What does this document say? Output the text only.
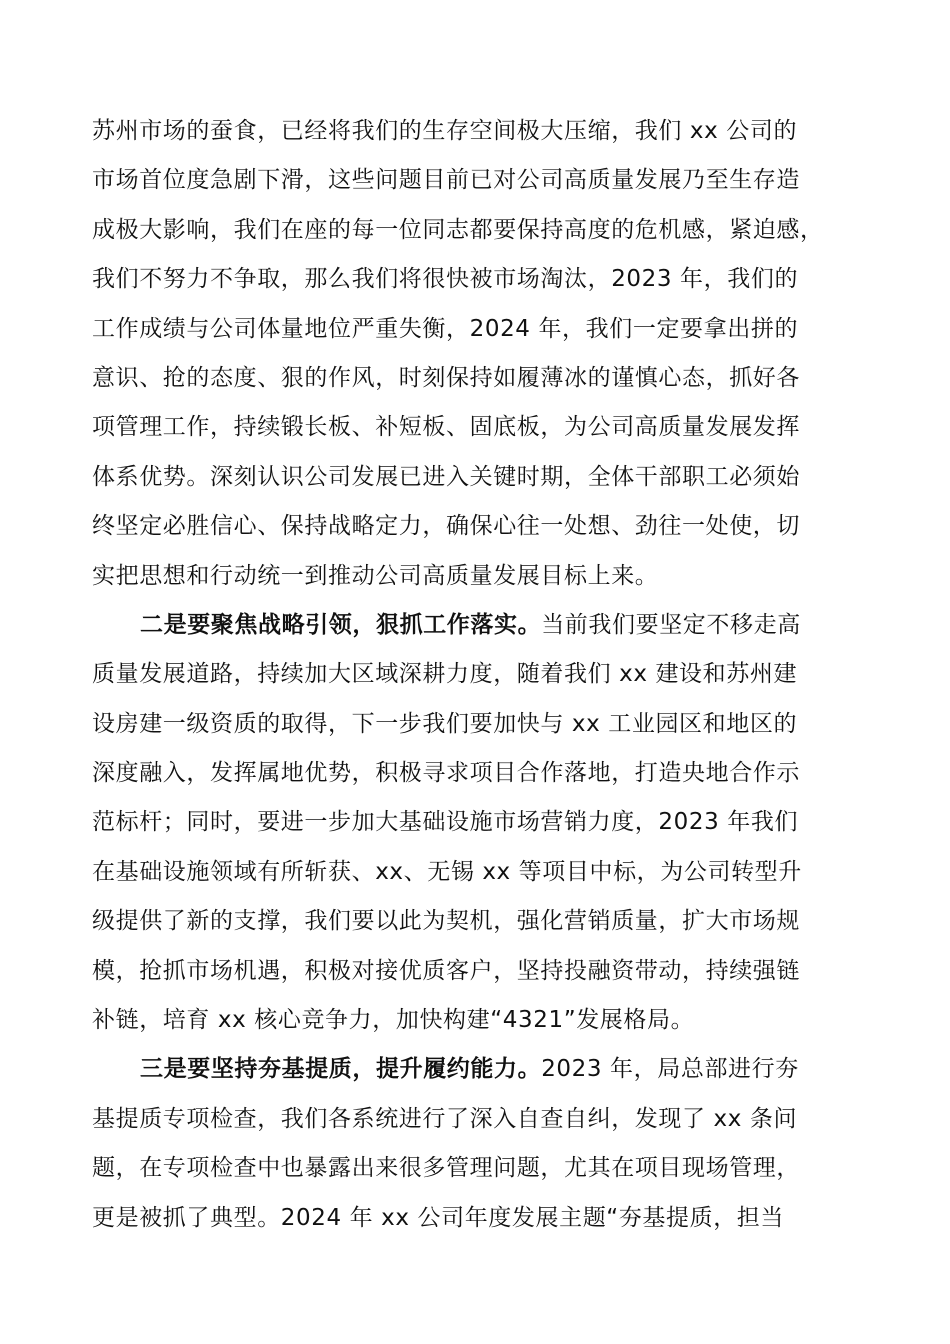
苏州市场的蚕食，已经将我们的生存空间极大压缩，我们 xx 公司的
市场首位度急剧下滑，这些问题目前已对公司高质量发展乃至生存造
成极大影响，我们在座的每一位同志都要保持高度的危机感，紧迫感，
我们不努力不争取，那么我们将很快被市场淘汰，2023 年，我们的
工作成绩与公司体量地位严重失衡，2024 年，我们一定要拿出拼的
意识、抢的态度、狠的作风，时刻保持如履薄冰的谨慎心态，抓好各
项管理工作，持续锻长板、补短板、固底板，为公司高质量发展发挥
体系优势。深刻认识公司发展已进入关键时期，全体干部职工必须始
终坚定必胜信心、保持战略定力，确保心往一处想、劲往一处使，切
实把思想和行动统一到推动公司高质量发展目标上来。
二是要聚焦战略引领，狠抓工作落实。当前我们要坚定不移走高
质量发展道路，持续加大区域深耕力度，随着我们 xx 建设和苏州建
设房建一级资质的取得，下一步我们要加快与 xx 工业园区和地区的
深度融入，发挥属地优势，积极寻求项目合作落地，打造央地合作示
范标杆；同时，要进一步加大基础设施市场营销力度，2023 年我们
在基础设施领域有所斩获、xx、无锡 xx 等项目中标，为公司转型升
级提供了新的支撑，我们要以此为契机，强化营销质量，扩大市场规
模，抢抓市场机遇，积极对接优质客户，坚持投融资带动，持续强链
补链，培育 xx 核心竞争力，加快构建“4321”发展格局。
三是要坚持夯基提质，提升履约能力。2023 年，局总部进行夯
基提质专项检查，我们各系统进行了深入自查自纠，发现了 xx 条问
题，在专项检查中也暴露出来很多管理问题，尤其在项目现场管理，
更是被抓了典型。2024 年 xx 公司年度发展主题“夯基提质，担当
